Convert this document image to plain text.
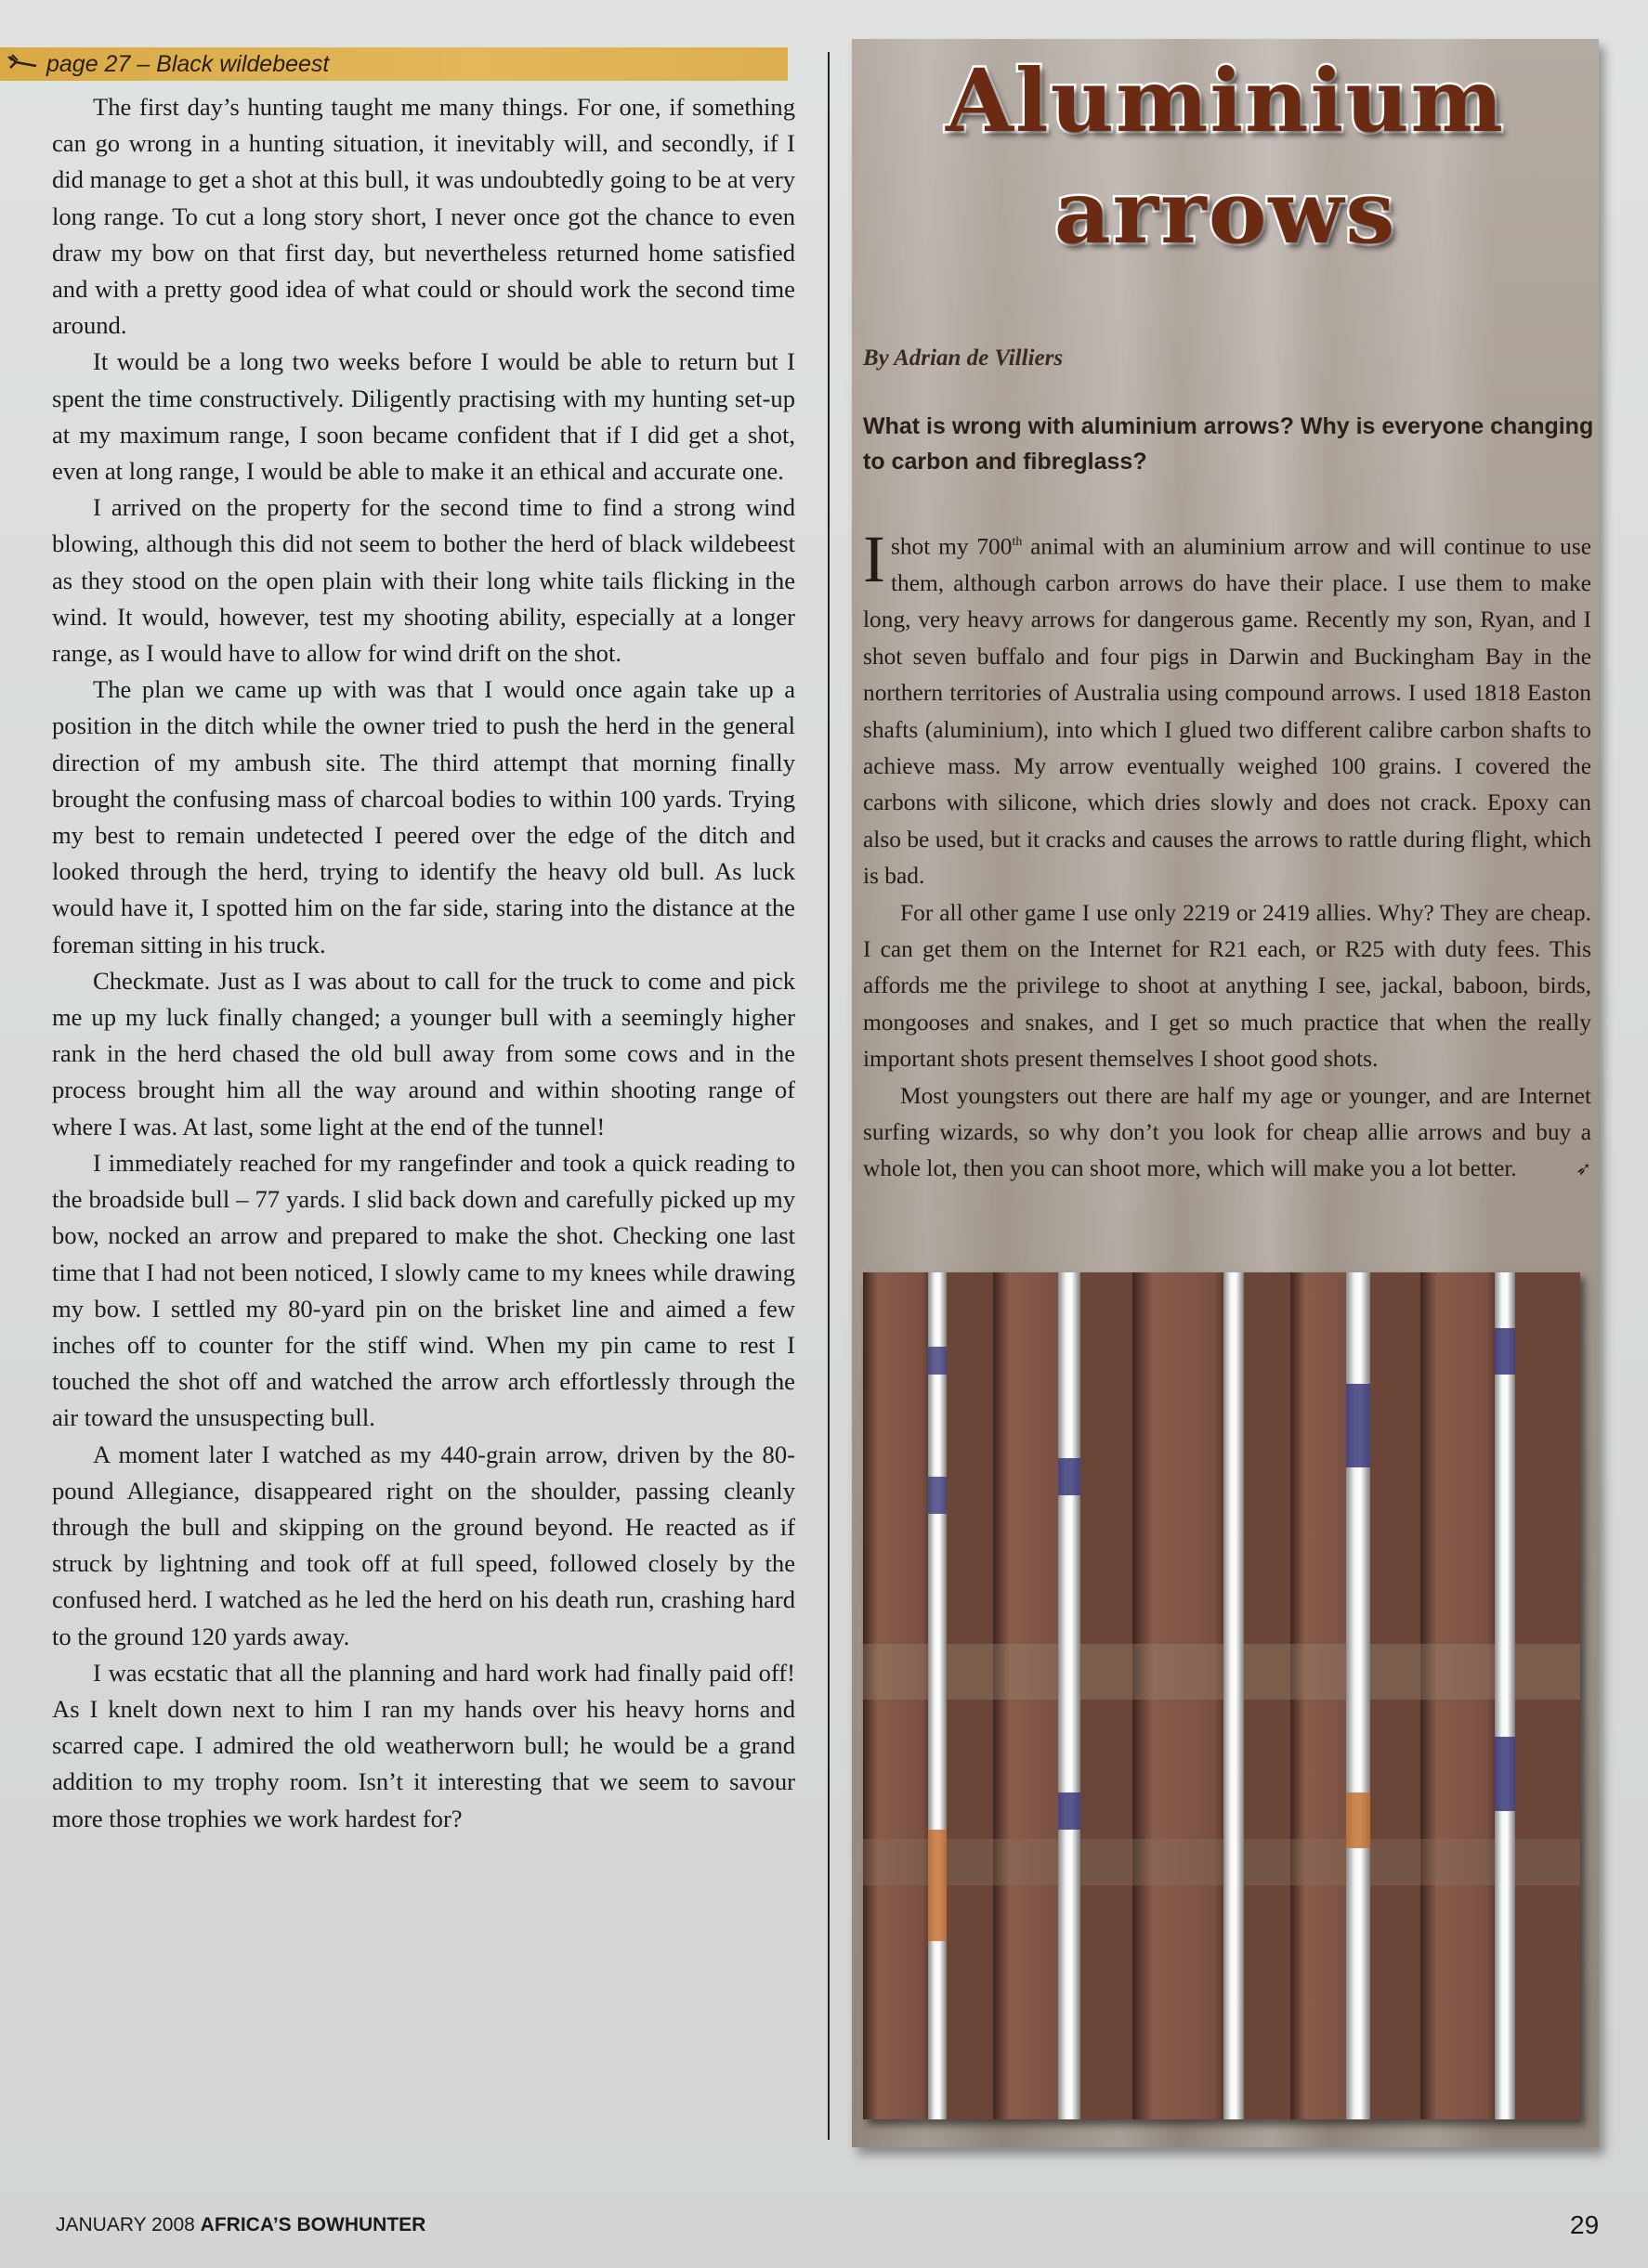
page 27 – Black wildebeest

The first day’s hunting taught me many things. For one, if something can go wrong in a hunting situation, it inevitably will, and secondly, if I did manage to get a shot at this bull, it was undoubtedly going to be at very long range. To cut a long story short, I never once got the chance to even draw my bow on that first day, but nevertheless returned home satisfied and with a pretty good idea of what could or should work the second time around.

It would be a long two weeks before I would be able to return but I spent the time constructively. Diligently practising with my hunting set-up at my maximum range, I soon became confident that if I did get a shot, even at long range, I would be able to make it an ethical and accurate one.

I arrived on the property for the second time to find a strong wind blowing, although this did not seem to bother the herd of black wildebeest as they stood on the open plain with their long white tails flicking in the wind. It would, however, test my shooting ability, especially at a longer range, as I would have to allow for wind drift on the shot.

The plan we came up with was that I would once again take up a position in the ditch while the owner tried to push the herd in the general direction of my ambush site. The third attempt that morning finally brought the confusing mass of charcoal bodies to within 100 yards. Trying my best to remain undetected I peered over the edge of the ditch and looked through the herd, trying to identify the heavy old bull. As luck would have it, I spotted him on the far side, staring into the distance at the foreman sitting in his truck.

Checkmate. Just as I was about to call for the truck to come and pick me up my luck finally changed; a younger bull with a seemingly higher rank in the herd chased the old bull away from some cows and in the process brought him all the way around and within shooting range of where I was. At last, some light at the end of the tunnel!

I immediately reached for my rangefinder and took a quick reading to the broadside bull – 77 yards. I slid back down and carefully picked up my bow, nocked an arrow and prepared to make the shot. Checking one last time that I had not been noticed, I slowly came to my knees while drawing my bow. I settled my 80-yard pin on the brisket line and aimed a few inches off to counter for the stiff wind. When my pin came to rest I touched the shot off and watched the arrow arch effortlessly through the air toward the unsuspecting bull.

A moment later I watched as my 440-grain arrow, driven by the 80-pound Allegiance, disappeared right on the shoulder, passing cleanly through the bull and skipping on the ground beyond. He reacted as if struck by lightning and took off at full speed, followed closely by the confused herd. I watched as he led the herd on his death run, crashing hard to the ground 120 yards away.

I was ecstatic that all the planning and hard work had finally paid off! As I knelt down next to him I ran my hands over his heavy horns and scarred cape. I admired the old weatherworn bull; he would be a grand addition to my trophy room. Isn’t it interesting that we seem to savour more those trophies we work hardest for?

Aluminium
arrows
By Adrian de Villiers
What is wrong with aluminium arrows? Why is everyone changing to carbon and fibreglass?

Ishot my 700th animal with an aluminium arrow and will continue to use them, although carbon arrows do have their place. I use them to make long, very heavy arrows for dangerous game. Recently my son, Ryan, and I shot seven buffalo and four pigs in Darwin and Buckingham Bay in the northern territories of Australia using compound arrows. I used 1818 Easton shafts (aluminium), into which I glued two different calibre carbon shafts to achieve mass. My arrow eventually weighed 100 grains. I covered the carbons with silicone, which dries slowly and does not crack. Epoxy can also be used, but it cracks and causes the arrows to rattle during flight, which is bad.

For all other game I use only 2219 or 2419 allies. Why? They are cheap. I can get them on the Internet for R21 each, or R25 with duty fees. This affords me the privilege to shoot at anything I see, jackal, baboon, birds, mongooses and snakes, and I get so much practice that when the really important shots present themselves I shoot good shots.

Most youngsters out there are half my age or younger, and are Internet surfing wizards, so why don’t you look for cheap allie arrows and buy a whole lot, then you can shoot more, which will make you a lot better.	➶

JANUARY 2008 AFRICA’S BOWHUNTER	29
